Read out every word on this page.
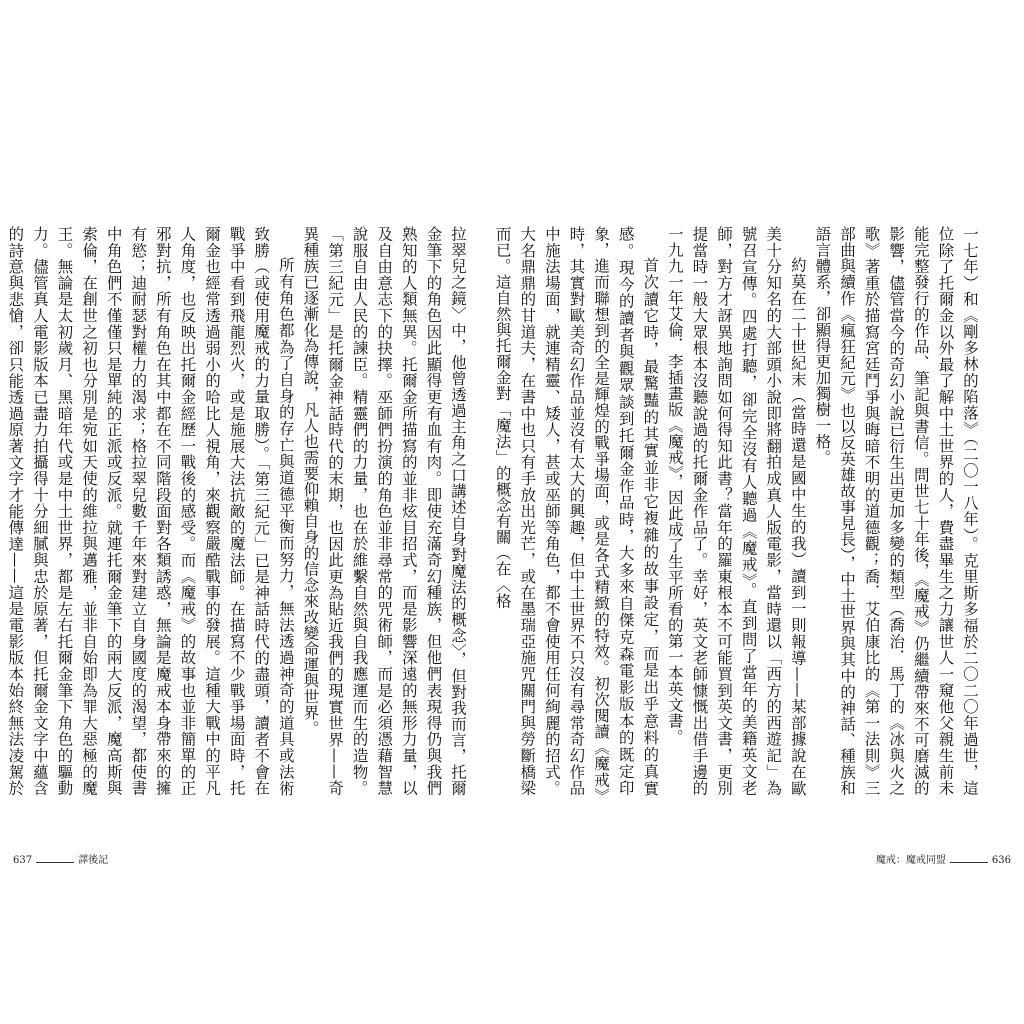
拉翠兒之鏡〉中，他曾透過主角之口講述自身對魔法的概念〉，但對我而言，托爾金筆下的角色因此顯得更有血有肉。即使充滿奇幻種族，但他們表現得仍與我們熟知的人類無異。托爾金所描寫的並非炫目招式，而是影響深遠的無形力量，以及自由意志下的抉擇。巫師們扮演的角色並非尋常的咒術師，而是必須憑藉智慧說服自由人民的諫臣。精靈們的力量，也在於維繫自然與自我應運而生的造物。「第三紀元」是托爾金神話時代的末期，也因此更為貼近我們的現實世界——奇異種族已逐漸化為傳說，凡人也需要仰賴自身的信念來改變命運與世界。

所有角色都為了自身的存亡與道德平衡而努力，無法透過神奇的道具或法術致勝（或使用魔戒的力量取勝）。「第三紀元」已是神話時代的盡頭，讀者不會在戰爭中看到飛龍烈火，或是施展大法抗敵的魔法師。在描寫不少戰爭場面時，托爾金也經常透過弱小的哈比人視角，來觀察嚴酷戰事的發展。這種大戰中的平凡人角度，也反映出托爾金經歷一戰後的感受。而《魔戒》的故事也並非簡單的正邪對抗，所有角色在其中都在不同階段面對各類誘惑，無論是魔戒本身帶來的擁有慾；迪耐瑟對權力的渴求；格拉翠兒數千年來對建立自身國度的渴望，都使書中角色們不僅僅只是單純的正派或反派。就連托爾金筆下的兩大反派，魔高斯與索倫，在創世之初也分別是宛如天使的維拉與邁雅，並非自始即為罪大惡極的魔王。無論是太初歲月、黑暗年代或是中土世界，都是左右托爾金筆下角色的驅動力。儘管真人電影版本已盡力拍攝得十分細膩與忠於原著，但托爾金文字中蘊含的詩意與悲愴，卻只能透過原著文字才能傳達——這是電影版本始終無法凌駕於

637	譯後記

一七年）和《剛多林的陷落》（二〇一八年）。克里斯多福於二〇二〇年過世，這位除了托爾金以外最了解中土世界的人，費盡畢生之力讓世人一窺他父親生前未能完整發行的作品、筆記與書信。問世七十年後，《魔戒》仍繼續帶來不可磨滅的影響，儘管當今的奇幻小說已衍生出更加多變的類型（喬治．馬丁的《冰與火之歌》著重於描寫宮廷鬥爭與晦暗不明的道德觀；喬．艾伯康比的《第一法則》三部曲與續作《瘋狂紀元》也以反英雄故事見長），中土世界與其中的神話、種族和語言體系，卻顯得更加獨樹一格。

約莫在二十世紀末（當時還是國中生的我）讀到一則報導——某部據說在歐美十分知名的大部頭小說即將翻拍成真人版電影，當時還以「西方的西遊記」為號召宣傳。四處打聽，卻完全沒有人聽過《魔戒》。直到問了當年的美籍英文老師，對方才訝異地詢問如何得知此書？當年的羅東根本不可能買到英文書，更別提當時一般大眾根本沒聽說過的托爾金作品了。幸好，英文老師慷慨出借手邊的一九九一年艾倫．李插畫版《魔戒》，因此成了生平所看的第一本英文書。

首次讀它時，最驚豔的其實並非它複雜的故事設定，而是出乎意料的真實感。現今的讀者與觀眾談到托爾金作品時，大多來自傑克森電影版本的既定印象，進而聯想到的全是輝煌的戰爭場面，或是各式精緻的特效。初次閱讀《魔戒》時，其實對歐美奇幻作品並沒有太大的興趣，但中土世界不只沒有尋常奇幻作品中施法場面，就連精靈、矮人，甚或巫師等角色，都不會使用任何絢麗的招式。大名鼎鼎的甘道夫，在書中也只有手放出光芒，或在墨瑞亞施咒關門與勞斷橋梁而已。這自然與托爾金對「魔法」的概念有關（在〈格

魔戒：魔戒同盟	636
